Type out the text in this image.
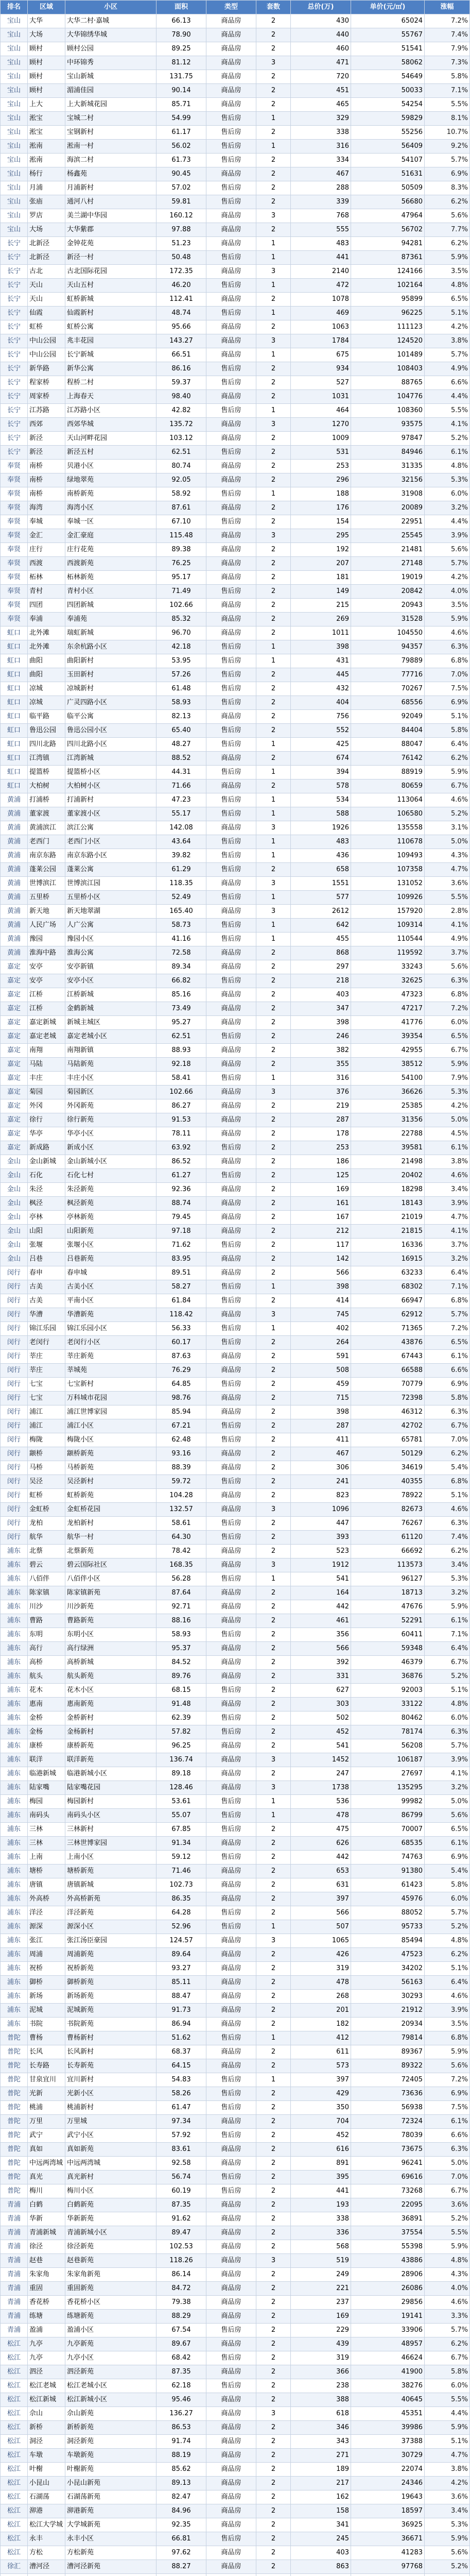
排名	区域	小区	面积	类型	套数	总价(万)	单价(元/㎡)	涨幅
宝山	大华	大华二村·嘉城	66.13	商品房	2	430	65024	7.2%
宝山	大场	大华锦绣华城	78.90	商品房	2	440	55767	7.4%
宝山	顾村	顾村公园	89.25	商品房	2	460	51541	7.9%
宝山	顾村	中环锦秀	81.12	商品房	3	471	58062	7.3%
宝山	顾村	宝山新城	131.75	商品房	2	720	54649	5.8%
宝山	顾村	湄浦佳园	90.14	商品房	2	451	50033	7.1%
宝山	上大	上大新城花园	85.71	商品房	2	465	54254	5.5%
宝山	淞宝	宝城二村	54.99	售后房	1	329	59829	8.1%
宝山	淞宝	宝钢新村	61.17	售后房	2	338	55256	10.7%
宝山	淞南	淞南一村	56.02	售后房	1	316	56409	9.2%
宝山	淞南	海滨二村	61.73	售后房	2	334	54107	5.7%
宝山	杨行	杨鑫苑	90.45	商品房	2	467	51631	6.9%
宝山	月浦	月浦新村	57.02	售后房	2	288	50509	8.3%
宝山	张庙	通河八村	59.81	售后房	2	339	56680	6.2%
宝山	罗店	美兰湖中华园	160.12	商品房	3	768	47964	5.6%
宝山	大场	大华紫郡	97.88	商品房	2	555	56702	7.7%
长宁	北新泾	金钟花苑	51.23	商品房	1	483	94281	6.2%
长宁	北新泾	新泾一村	50.48	售后房	1	441	87361	5.9%
长宁	古北	古北国际花园	172.35	商品房	3	2140	124166	3.5%
长宁	天山	天山五村	46.20	售后房	1	472	102164	4.8%
长宁	天山	虹桥新城	112.41	商品房	2	1078	95899	6.5%
长宁	仙霞	仙霞新村	48.74	售后房	1	469	96225	5.1%
长宁	虹桥	虹桥公寓	95.66	商品房	2	1063	111123	4.2%
长宁	中山公园	兆丰花园	143.27	商品房	3	1784	124520	3.8%
长宁	中山公园	长宁新城	66.51	商品房	1	675	101489	5.7%
长宁	新华路	新华公寓	86.16	售后房	2	934	108403	4.9%
长宁	程家桥	程桥二村	59.37	售后房	2	527	88765	6.6%
长宁	周家桥	上海春天	98.40	商品房	2	1031	104776	4.4%
长宁	江苏路	江苏路小区	42.82	售后房	1	464	108360	5.5%
长宁	西郊	西郊华城	135.72	商品房	3	1270	93575	4.1%
长宁	新泾	天山河畔花园	103.12	商品房	2	1009	97847	5.2%
长宁	新泾	新泾五村	62.51	售后房	2	531	84946	6.1%
奉贤	南桥	贝港小区	80.74	商品房	2	253	31335	4.8%
奉贤	南桥	绿地翠苑	92.05	商品房	2	296	32156	5.3%
奉贤	南桥	南桥新苑	58.92	售后房	1	188	31908	6.0%
奉贤	海湾	海湾小区	87.61	商品房	2	176	20089	3.2%
奉贤	奉城	奉城一区	67.10	售后房	2	154	22951	4.4%
奉贤	金汇	金汇豪庭	115.48	商品房	3	295	25545	3.9%
奉贤	庄行	庄行花苑	89.38	商品房	2	192	21481	5.6%
奉贤	西渡	西渡新苑	76.25	商品房	2	207	27148	5.7%
奉贤	柘林	柘林新苑	95.17	商品房	2	181	19019	4.2%
奉贤	青村	青村小区	71.49	售后房	2	149	20842	4.0%
奉贤	四团	四团新城	102.66	商品房	2	215	20943	3.5%
奉贤	奉浦	奉浦苑	85.32	商品房	2	269	31528	5.9%
虹口	北外滩	瑞虹新城	96.70	商品房	2	1011	104550	4.6%
虹口	北外滩	东余杭路小区	42.18	售后房	1	398	94357	6.3%
虹口	曲阳	曲阳新村	53.95	售后房	1	431	79889	6.8%
虹口	曲阳	玉田新村	57.26	售后房	2	445	77716	7.0%
虹口	凉城	凉城新村	61.48	售后房	2	432	70267	7.5%
虹口	凉城	广灵四路小区	58.93	售后房	2	404	68556	6.9%
虹口	临平路	临平公寓	82.13	商品房	2	756	92049	5.1%
虹口	鲁迅公园	鲁迅公园小区	65.40	售后房	2	552	84404	5.8%
虹口	四川北路	四川北路小区	48.27	售后房	1	425	88047	6.4%
虹口	江湾镇	江湾新城	88.52	商品房	2	674	76142	6.2%
虹口	提篮桥	提篮桥小区	44.31	售后房	1	394	88919	5.9%
虹口	大柏树	大柏树小区	71.66	商品房	2	578	80659	6.7%
黄浦	打浦桥	打浦新村	47.23	售后房	1	534	113064	4.6%
黄浦	董家渡	董家渡小区	55.17	售后房	1	588	106580	5.2%
黄浦	黄浦滨江	滨江公寓	142.08	商品房	3	1926	135558	3.1%
黄浦	老西门	老西门小区	43.64	售后房	1	483	110678	5.0%
黄浦	南京东路	南京东路小区	39.82	售后房	1	436	109493	4.3%
黄浦	蓬莱公园	蓬莱公寓	61.29	售后房	2	658	107358	4.7%
黄浦	世博滨江	世博滨江园	118.35	商品房	3	1551	131052	3.6%
黄浦	五里桥	五里桥小区	52.49	售后房	1	577	109926	5.5%
黄浦	新天地	新天地翠湖	165.40	商品房	3	2612	157920	2.8%
黄浦	人民广场	人广公寓	58.73	售后房	1	642	109314	4.1%
黄浦	豫园	豫园小区	41.16	售后房	1	455	110544	4.9%
黄浦	淮海中路	淮海公寓	72.58	商品房	2	868	119592	3.7%
嘉定	安亭	安亭新镇	89.34	商品房	2	297	33243	5.6%
嘉定	安亭	安亭小区	66.82	售后房	2	218	32625	6.3%
嘉定	江桥	江桥新城	85.16	商品房	2	403	47323	6.8%
嘉定	江桥	金鹤新城	73.49	商品房	2	347	47217	7.2%
嘉定	嘉定新城	新城主城区	95.27	商品房	2	398	41776	6.0%
嘉定	嘉定老城	嘉定老城小区	62.51	售后房	2	246	39354	6.5%
嘉定	南翔	南翔新镇	88.93	商品房	2	382	42955	6.7%
嘉定	马陆	马陆新苑	92.18	商品房	2	355	38512	5.9%
嘉定	丰庄	丰庄小区	58.41	售后房	1	316	54100	7.9%
嘉定	菊园	菊园新区	102.66	商品房	3	376	36626	5.3%
嘉定	外冈	外冈新苑	86.27	商品房	2	219	25385	4.2%
嘉定	徐行	徐行新苑	91.53	商品房	2	287	31356	5.0%
嘉定	华亭	华亭小区	78.11	商品房	2	178	22788	4.5%
嘉定	新成路	新成小区	63.92	售后房	2	253	39581	6.1%
金山	金山新城	金山新城小区	86.52	商品房	2	186	21498	3.8%
金山	石化	石化七村	61.27	售后房	2	125	20402	4.6%
金山	朱泾	朱泾新苑	92.36	商品房	2	169	18298	3.4%
金山	枫泾	枫泾新苑	88.74	商品房	2	161	18143	3.9%
金山	亭林	亭林新苑	79.45	商品房	2	167	21019	4.7%
金山	山阳	山阳新苑	97.18	商品房	2	212	21815	4.1%
金山	张堰	张堰小区	71.62	售后房	2	117	16336	3.7%
金山	吕巷	吕巷新苑	83.95	商品房	2	142	16915	3.2%
闵行	春申	春申城	89.51	商品房	2	566	63233	6.4%
闵行	古美	古美小区	58.27	售后房	1	398	68302	7.1%
闵行	古美	平南小区	61.84	售后房	2	414	66947	6.8%
闵行	华漕	华漕新苑	118.42	商品房	3	745	62912	5.7%
闵行	锦江乐园	锦江乐园小区	56.33	售后房	1	402	71365	7.2%
闵行	老闵行	老闵行小区	60.17	售后房	2	264	43876	6.5%
闵行	莘庄	莘庄新苑	87.63	商品房	2	591	67443	6.1%
闵行	莘庄	莘城苑	76.29	商品房	2	508	66588	6.6%
闵行	七宝	七宝新村	64.85	售后房	2	459	70779	6.9%
闵行	七宝	万科城市花园	98.76	商品房	2	715	72398	5.8%
闵行	浦江	浦江世博家园	85.94	商品房	2	398	46312	6.3%
闵行	浦江	浦江小区	67.21	售后房	2	287	42702	6.7%
闵行	梅陇	梅陇小区	62.48	售后房	2	411	65781	7.0%
闵行	颛桥	颛桥新苑	93.16	商品房	2	467	50129	6.2%
闵行	马桥	马桥新苑	88.39	商品房	2	306	34619	5.4%
闵行	吴泾	吴泾新村	59.72	售后房	2	241	40355	6.8%
闵行	虹桥	虹桥新苑	104.28	商品房	2	823	78922	5.1%
闵行	金虹桥	金虹桥花园	132.57	商品房	3	1096	82673	4.6%
闵行	龙柏	龙柏新村	58.61	售后房	2	447	76267	6.3%
闵行	航华	航华一村	64.30	售后房	2	393	61120	7.4%
浦东	北蔡	北蔡新苑	78.42	商品房	2	523	66692	6.2%
浦东	碧云	碧云国际社区	168.35	商品房	3	1912	113573	3.4%
浦东	八佰伴	八佰伴小区	56.28	售后房	1	541	96127	5.3%
浦东	陈家镇	陈家镇新苑	87.64	商品房	2	164	18713	3.2%
浦东	川沙	川沙新苑	92.71	商品房	2	442	47676	5.9%
浦东	曹路	曹路新苑	88.16	商品房	2	461	52291	6.1%
浦东	东明	东明小区	58.93	售后房	2	356	60411	7.1%
浦东	高行	高行绿洲	95.37	商品房	2	566	59348	6.4%
浦东	高桥	高桥新城	84.52	商品房	2	392	46379	6.7%
浦东	航头	航头新苑	89.76	商品房	2	331	36876	5.2%
浦东	花木	花木小区	68.15	售后房	2	627	92003	5.1%
浦东	惠南	惠南新苑	91.48	商品房	2	303	33122	4.8%
浦东	金桥	金桥新村	62.39	售后房	2	502	80462	6.0%
浦东	金杨	金杨新村	57.82	售后房	2	452	78174	6.3%
浦东	康桥	康桥新苑	96.25	商品房	2	541	56208	5.7%
浦东	联洋	联洋新苑	136.74	商品房	3	1452	106187	3.9%
浦东	临港新城	临港新城小区	89.18	商品房	2	247	27697	4.1%
浦东	陆家嘴	陆家嘴花园	128.46	商品房	3	1738	135295	3.2%
浦东	梅园	梅园新村	53.61	售后房	1	536	99982	5.0%
浦东	南码头	南码头小区	55.07	售后房	1	478	86799	5.6%
浦东	三林	三林新村	67.85	售后房	2	475	70007	6.5%
浦东	三林	三林世博家园	91.34	商品房	2	626	68535	6.1%
浦东	上南	上南小区	59.12	售后房	2	442	74763	6.9%
浦东	塘桥	塘桥新苑	71.46	商品房	2	653	91380	5.4%
浦东	唐镇	唐镇新城	102.73	商品房	2	631	61423	5.8%
浦东	外高桥	外高桥新苑	86.35	商品房	2	397	45976	6.0%
浦东	洋泾	洋泾新苑	64.28	售后房	2	566	88052	5.7%
浦东	源深	源深小区	52.96	售后房	1	507	95733	5.2%
浦东	张江	张江汤臣豪园	124.57	商品房	3	1065	85494	4.8%
浦东	周浦	周浦新苑	89.64	商品房	2	426	47523	6.2%
浦东	祝桥	祝桥新苑	93.27	商品房	2	319	34202	5.1%
浦东	御桥	御桥新苑	85.11	商品房	2	478	56163	6.4%
浦东	新场	新场新苑	88.47	商品房	2	268	30293	4.6%
浦东	泥城	泥城新苑	91.73	商品房	2	201	21912	3.9%
浦东	书院	书院新苑	86.94	商品房	2	182	20934	3.5%
普陀	曹杨	曹杨新村	51.62	售后房	1	412	79814	6.8%
普陀	长风	长风新村	68.37	商品房	2	611	89367	5.9%
普陀	长寿路	长寿新苑	64.15	商品房	2	573	89322	5.6%
普陀	甘泉宜川	宜川新村	54.83	售后房	1	397	72405	7.2%
普陀	光新	光新小区	58.26	售后房	2	429	73636	6.9%
普陀	桃浦	桃浦新村	61.47	售后房	2	350	56938	7.5%
普陀	万里	万里城	97.34	商品房	2	704	72324	6.1%
普陀	武宁	武宁小区	57.92	售后房	2	452	78039	6.6%
普陀	真如	真如新苑	83.61	商品房	2	616	73675	6.3%
普陀	中远两湾城	中远两湾城	92.58	商品房	2	891	96241	5.0%
普陀	真光	真光新村	56.74	售后房	2	395	69616	7.0%
普陀	梅川	梅川小区	60.19	售后房	2	441	73268	6.7%
青浦	白鹤	白鹤新苑	87.35	商品房	2	193	22095	3.6%
青浦	华新	华新新苑	91.62	商品房	2	338	36891	5.2%
青浦	青浦新城	青浦新城小区	89.47	商品房	2	336	37554	5.5%
青浦	徐泾	徐泾新苑	102.53	商品房	2	568	55398	5.9%
青浦	赵巷	赵巷新苑	118.26	商品房	3	519	43886	4.8%
青浦	朱家角	朱家角新苑	86.14	商品房	2	249	28906	4.3%
青浦	重固	重固新苑	84.72	商品房	2	221	26086	4.0%
青浦	香花桥	香花桥小区	79.38	商品房	2	237	29856	4.6%
青浦	练塘	练塘新苑	88.29	商品房	2	169	19141	3.3%
青浦	盈浦	盈浦小区	67.54	售后房	2	229	33906	5.7%
松江	九亭	九亭新苑	89.67	商品房	2	439	48957	6.2%
松江	九亭	九亭小区	68.42	售后房	2	319	46624	6.7%
松江	泗泾	泗泾新苑	87.35	商品房	2	366	41900	5.8%
松江	松江老城	松江老城小区	62.18	售后房	2	238	38276	6.0%
松江	松江新城	松江新城小区	95.46	商品房	2	388	40645	5.5%
松江	佘山	佘山新苑	136.27	商品房	3	618	45351	4.4%
松江	新桥	新桥新苑	86.53	商品房	2	346	39986	5.9%
松江	洞泾	洞泾新苑	91.74	商品房	2	343	37388	5.1%
松江	车墩	车墩新苑	88.19	商品房	2	271	30729	4.7%
松江	叶榭	叶榭新苑	85.62	商品房	2	189	22074	3.8%
松江	小昆山	小昆山新苑	89.13	商品房	2	217	24346	4.2%
松江	石湖荡	石湖荡新苑	82.47	商品房	2	162	19643	3.6%
松江	泖港	泖港新苑	84.96	商品房	2	158	18597	3.4%
松江	松江大学城	大学城新苑	92.35	商品房	2	341	36925	5.3%
松江	永丰	永丰小区	66.81	售后房	2	245	36671	5.9%
松江	方松	方松新苑	97.62	商品房	2	403	41283	5.6%
徐汇	漕河泾	漕河泾新苑	88.27	商品房	2	863	97768	5.2%
